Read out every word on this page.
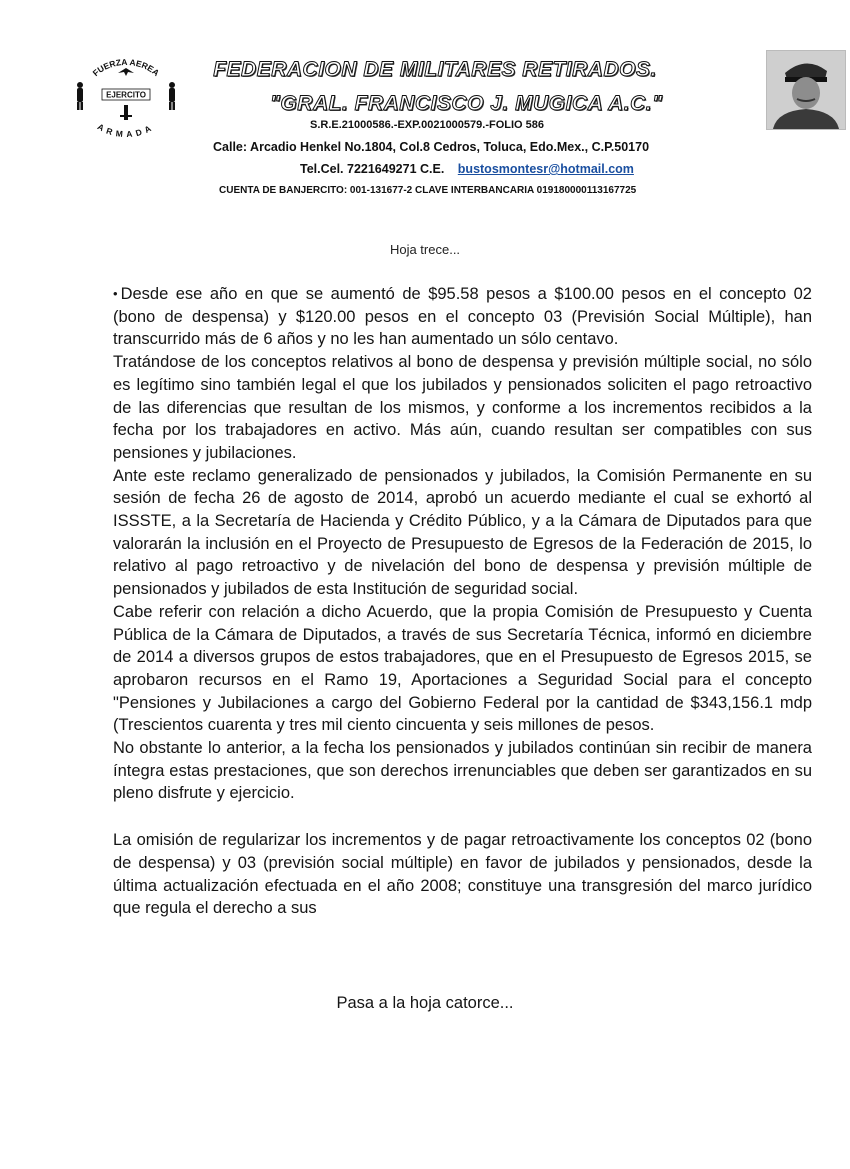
FUERZA AEREA
ARMADA
EJERCITO
FEDERACION DE MILITARES RETIRADOS.
"GRAL. FRANCISCO J. MUGICA A.C."
S.R.E.21000586.-EXP.0021000579.-FOLIO 586
Calle: Arcadio Henkel No.1804, Col.8 Cedros, Toluca, Edo.Mex., C.P.50170
Tel.Cel. 7221649271 C.E. bustosmontesr@hotmail.com
CUENTA DE BANJERCITO: 001-131677-2 CLAVE INTERBANCARIA 019180000113167725
Hoja trece...

• Desde ese año en que se aumentó de $95.58 pesos a $100.00 pesos en el concepto 02 (bono de despensa) y $120.00 pesos en el concepto 03 (Previsión Social Múltiple), han transcurrido más de 6 años y no les han aumentado un sólo centavo.

Tratándose de los conceptos relativos al bono de despensa y previsión múltiple social, no sólo es legítimo sino también legal el que los jubilados y pensionados soliciten el pago retroactivo de las diferencias que resultan de los mismos, y conforme a los incrementos recibidos a la fecha por los trabajadores en activo. Más aún, cuando resultan ser compatibles con sus pensiones y jubilaciones.

Ante este reclamo generalizado de pensionados y jubilados, la Comisión Permanente en su sesión de fecha 26 de agosto de 2014, aprobó un acuerdo mediante el cual se exhortó al ISSSTE, a la Secretaría de Hacienda y Crédito Público, y a la Cámara de Diputados para que valorarán la inclusión en el Proyecto de Presupuesto de Egresos de la Federación de 2015, lo relativo al pago retroactivo y de nivelación del bono de despensa y previsión múltiple de pensionados y jubilados de esta Institución de seguridad social.

Cabe referir con relación a dicho Acuerdo, que la propia Comisión de Presupuesto y Cuenta Pública de la Cámara de Diputados, a través de sus Secretaría Técnica, informó en diciembre de 2014 a diversos grupos de estos trabajadores, que en el Presupuesto de Egresos 2015, se aprobaron recursos en el Ramo 19, Aportaciones a Seguridad Social para el concepto "Pensiones y Jubilaciones a cargo del Gobierno Federal por la cantidad de $343,156.1 mdp (Trescientos cuarenta y tres mil ciento cincuenta y seis millones de pesos.

No obstante lo anterior, a la fecha los pensionados y jubilados continúan sin recibir de manera íntegra estas prestaciones, que son derechos irrenunciables que deben ser garantizados en su pleno disfrute y ejercicio.

La omisión de regularizar los incrementos y de pagar retroactivamente los conceptos 02 (bono de despensa) y 03 (previsión social múltiple) en favor de jubilados y pensionados, desde la última actualización efectuada en el año 2008; constituye una transgresión del marco jurídico que regula el derecho a sus

Pasa a la hoja catorce...
